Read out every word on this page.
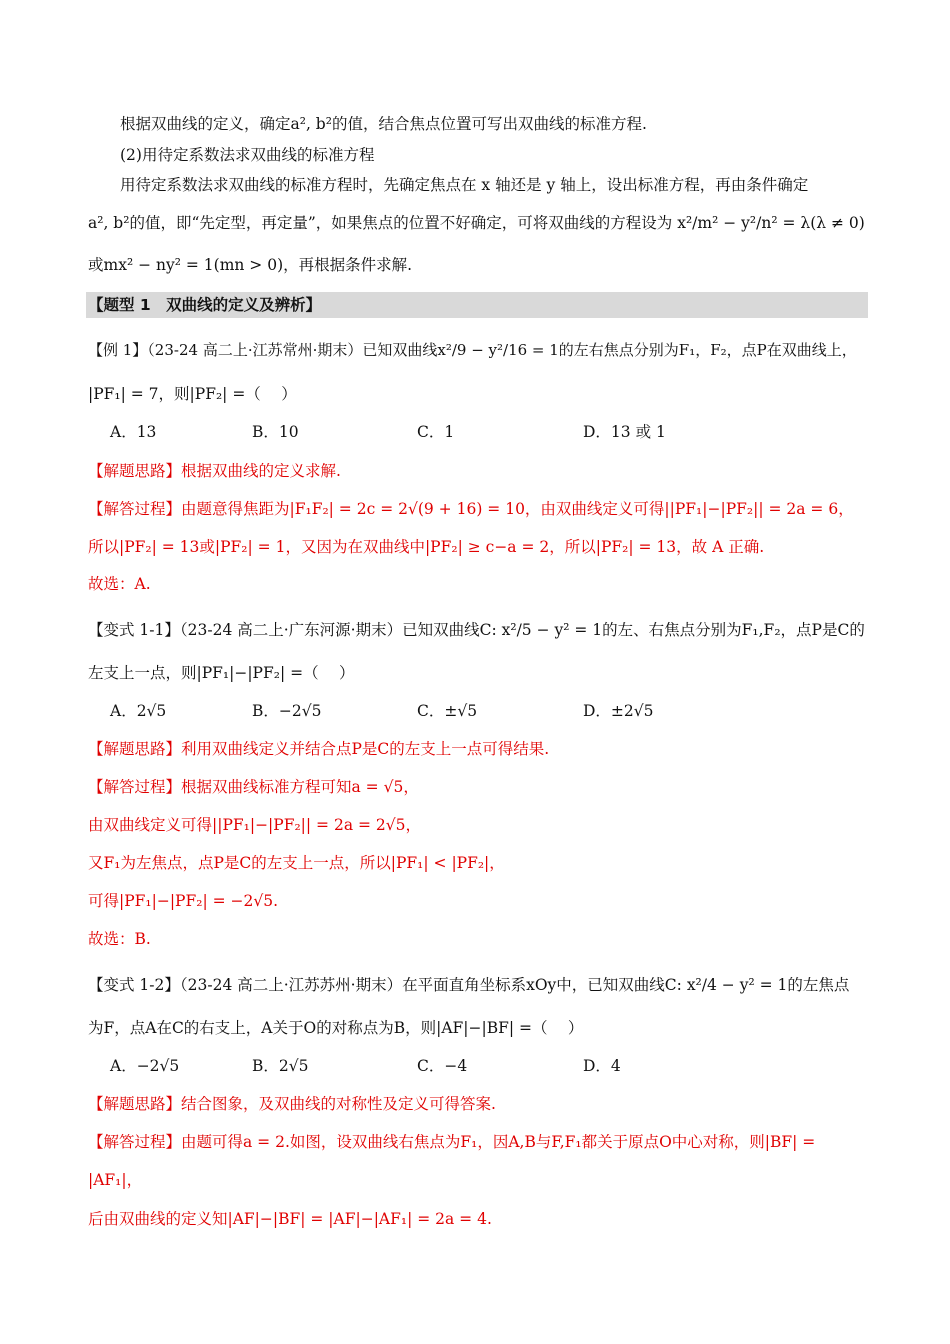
根据双曲线的定义，确定a², b²的值，结合焦点位置可写出双曲线的标准方程.
(2)用待定系数法求双曲线的标准方程
用待定系数法求双曲线的标准方程时，先确定焦点在 x 轴还是 y 轴上，设出标准方程，再由条件确定
a², b²的值，即“先定型，再定量”，如果焦点的位置不好确定，可将双曲线的方程设为 x²/m² − y²/n² = λ(λ ≠ 0)
或mx² − ny² = 1(mn > 0)，再根据条件求解.
【题型 1　双曲线的定义及辨析】
【例 1】（23-24 高二上·江苏常州·期末）已知双曲线x²/9 − y²/16 = 1的左右焦点分别为F₁，F₂，点P在双曲线上，
|PF₁| = 7，则|PF₂| =（　 ）
A．13	B．10	C．1	D．13 或 1
【解题思路】根据双曲线的定义求解.
【解答过程】由题意得焦距为|F₁F₂| = 2c = 2√(9 + 16) = 10，由双曲线定义可得||PF₁|−|PF₂|| = 2a = 6，
所以|PF₂| = 13或|PF₂| = 1，又因为在双曲线中|PF₂| ≥ c−a = 2，所以|PF₂| = 13，故 A 正确.
故选：A.
【变式 1-1】（23-24 高二上·广东河源·期末）已知双曲线C: x²/5 − y² = 1的左、右焦点分别为F₁,F₂，点P是C的
左支上一点，则|PF₁|−|PF₂| =（　 ）
A．2√5	B．−2√5	C．±√5	D．±2√5
【解题思路】利用双曲线定义并结合点P是C的左支上一点可得结果.
【解答过程】根据双曲线标准方程可知a = √5，
由双曲线定义可得||PF₁|−|PF₂|| = 2a = 2√5，
又F₁为左焦点，点P是C的左支上一点，所以|PF₁| < |PF₂|，
可得|PF₁|−|PF₂| = −2√5.
故选：B.
【变式 1-2】（23-24 高二上·江苏苏州·期末）在平面直角坐标系xOy中，已知双曲线C: x²/4 − y² = 1的左焦点
为F，点A在C的右支上，A关于O的对称点为B，则|AF|−|BF| =（　 ）
A．−2√5	B．2√5	C．−4	D．4
【解题思路】结合图象，及双曲线的对称性及定义可得答案.
【解答过程】由题可得a = 2.如图，设双曲线右焦点为F₁，因A,B与F,F₁都关于原点O中心对称，则|BF| =
|AF₁|，
后由双曲线的定义知|AF|−|BF| = |AF|−|AF₁| = 2a = 4.
